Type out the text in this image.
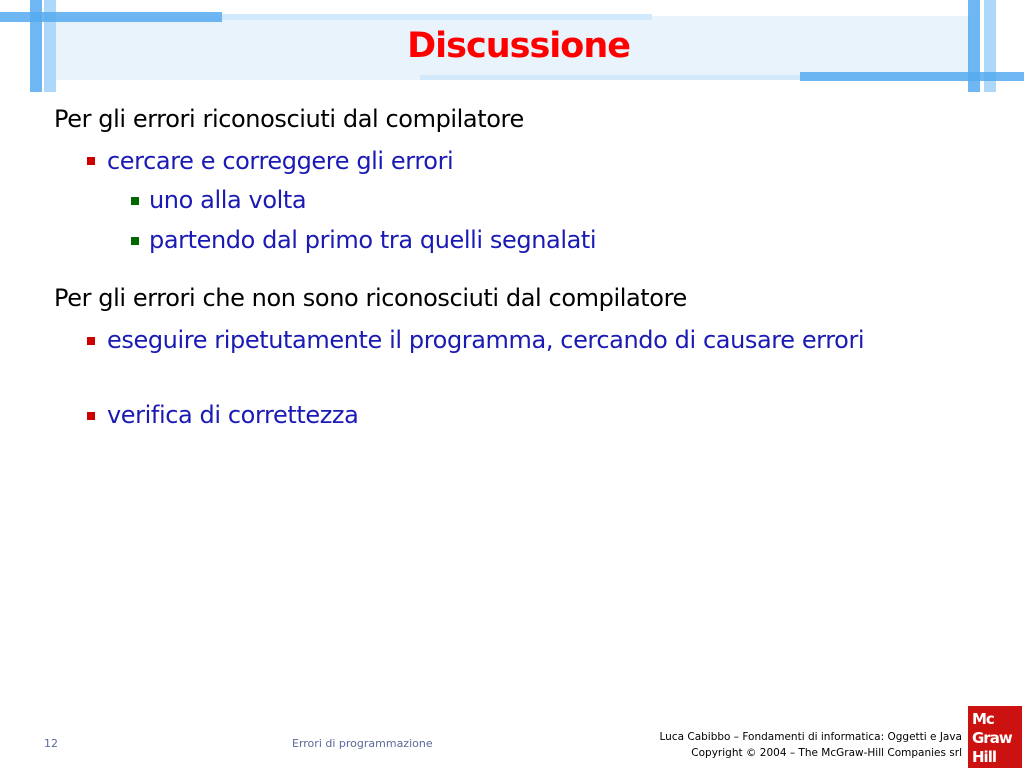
Discussione
Per gli errori riconosciuti dal compilatore
cercare e correggere gli errori
uno alla volta
partendo dal primo tra quelli segnalati
Per gli errori che non sono riconosciuti dal compilatore
eseguire ripetutamente il programma, cercando di causare errori
verifica di correttezza
12	Errori di programmazione	Luca Cabibbo – Fondamenti di informatica: Oggetti e Java
Copyright © 2004 – The McGraw-Hill Companies srl
Mc
Graw
Hill
